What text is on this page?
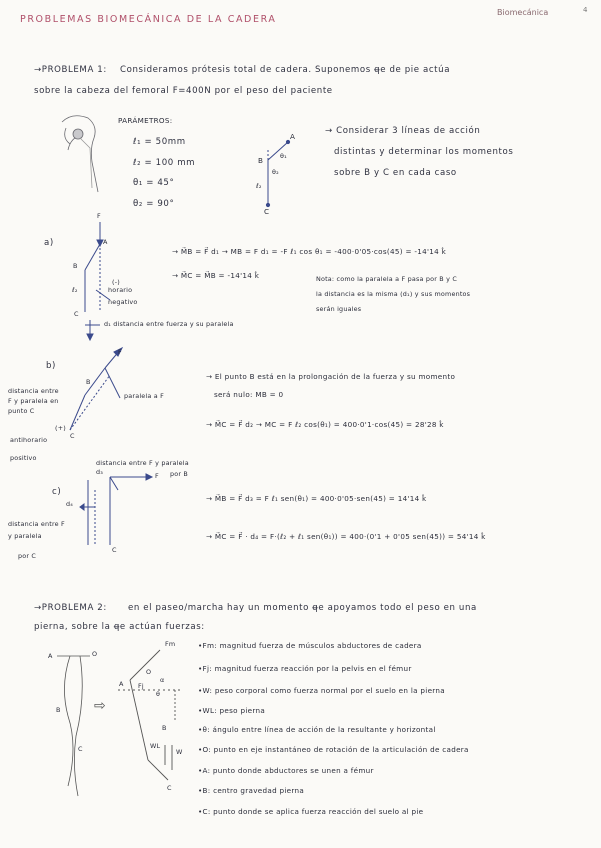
PROBLEMAS BIOMECÁNICA DE LA CADERA
Biomecánica	4
→PROBLEMA 1: Consideramos prótesis total de cadera. Suponemos q̶e de pie actúa
sobre la cabeza del femoral F=400N por el peso del paciente
PARÁMETROS:
ℓ₁ = 50mm
ℓ₂ = 100 mm
θ₁ = 45°
θ₂ = 90°
→ Considerar 3 líneas de acción
distintas y determinar los momentos
sobre B y C en cada caso
⇨
A
B
C
ℓ₂
θ₁
θ₂
a)
F
A
B
C
ℓ₂
(-)
horario
negativo
→ M⃗B = F⃗ d₁ → MB = F d₁ = -F ℓ₁ cos θ₁ = -400·0'05·cos(45) = -14'14 k̂
→ M⃗C = M⃗B = -14'14 k̂	Nota: como la paralela a F pasa por B y C
la distancia es la misma (d₁) y sus momentos
serán iguales
d₁ distancia entre fuerza y su paralela
b)
F
B
C
distancia entre
F y paralela en
punto C
paralela a F
(+)
antihorario
positivo
→ El punto B está en la prolongación de la fuerza y su momento
será nulo: MB = 0
→ M⃗C = F⃗ d₂ → MC = F ℓ₂ cos(θ₁) = 400·0'1·cos(45) = 28'28 k̂
distancia entre F y paralela
por B
c)
F
d₃
d₄
C
distancia entre F
y paralela
por C
→ M⃗B = F⃗ d₃ = F ℓ₁ sen(θ₁) = 400·0'05·sen(45) = 14'14 k̂
→ M⃗C = F⃗ · d₄ = F·(ℓ₂ + ℓ₁ sen(θ₁)) = 400·(0'1 + 0'05 sen(45)) = 54'14 k̂
→PROBLEMA 2: en el paseo/marcha hay un momento q̶e apoyamos todo el peso en una
pierna, sobre la q̶e actúan fuerzas:
A	O
B
C
Fm
A
O
Fj
α
θ
B
WL
W
C
•Fm: magnitud fuerza de músculos abductores de cadera
•Fj: magnitud fuerza reacción por la pelvis en el fémur
•W: peso corporal como fuerza normal por el suelo en la pierna
•WL: peso pierna
•θ: ángulo entre línea de acción de la resultante y horizontal
•O: punto en eje instantáneo de rotación de la articulación de cadera
•A: punto donde abductores se unen a fémur
•B: centro gravedad pierna
•C: punto donde se aplica fuerza reacción del suelo al pie
